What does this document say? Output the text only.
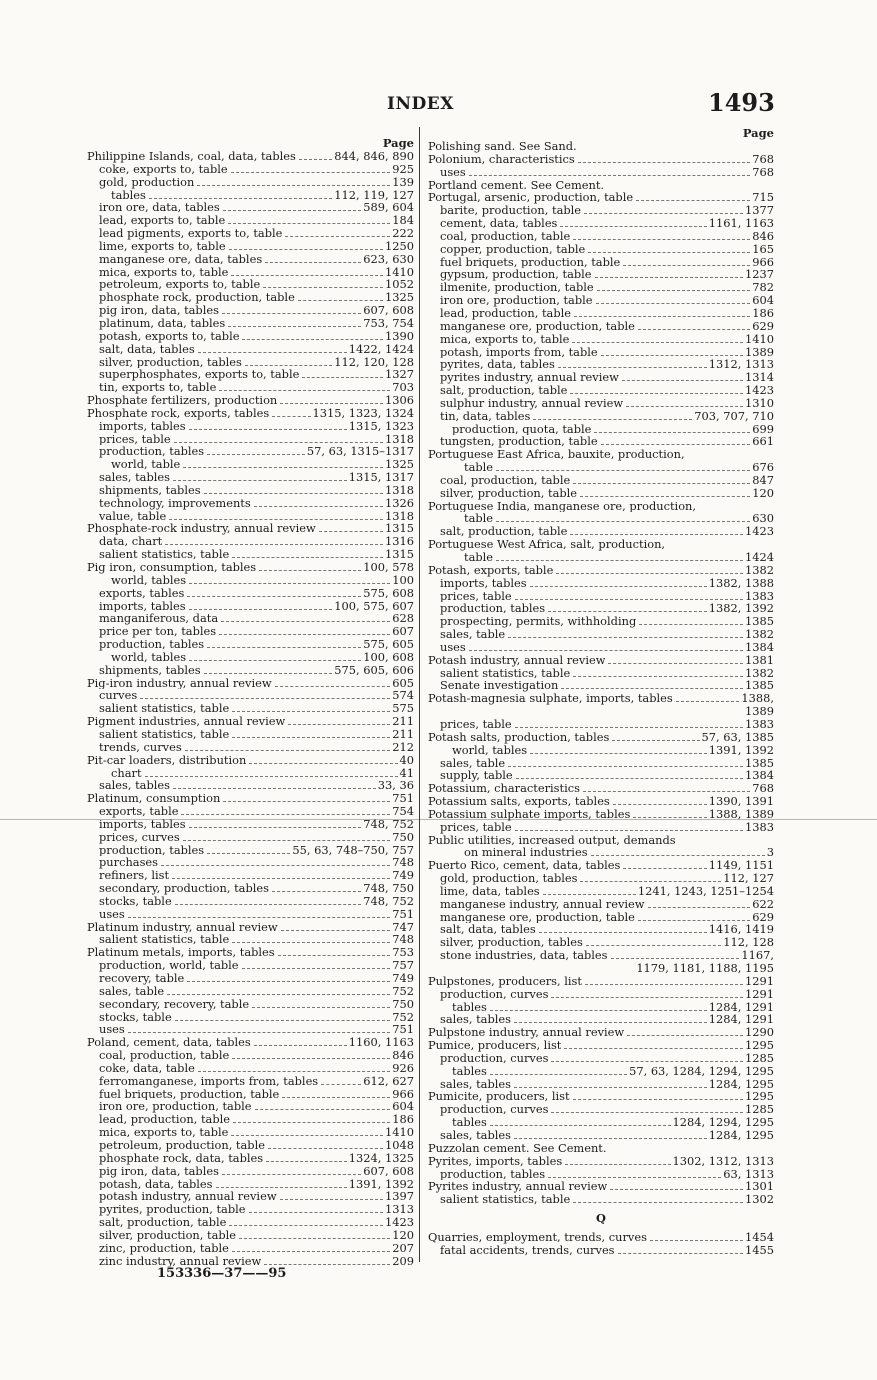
INDEX	1493
Page
Philippine Islands, coal, data, tables	844, 846, 890
coke, exports to, table	925
gold, production	139
tables	112, 119, 127
iron ore, data, tables	589, 604
lead, exports to, table	184
lead pigments, exports to, table	222
lime, exports to, table	1250
manganese ore, data, tables	623, 630
mica, exports to, table	1410
petroleum, exports to, table	1052
phosphate rock, production, table	1325
pig iron, data, tables	607, 608
platinum, data, tables	753, 754
potash, exports to, table	1390
salt, data, tables	1422, 1424
silver, production, tables	112, 120, 128
superphosphates, exports to, table	1327
tin, exports to, table	703
Phosphate fertilizers, production	1306
Phosphate rock, exports, tables	1315, 1323, 1324
imports, tables	1315, 1323
prices, table	1318
production, tables	57, 63, 1315–1317
world, table	1325
sales, tables	1315, 1317
shipments, tables	1318
technology, improvements	1326
value, table	1318
Phosphate-rock industry, annual review	1315
data, chart	1316
salient statistics, table	1315
Pig iron, consumption, tables	100, 578
world, tables	100
exports, tables	575, 608
imports, tables	100, 575, 607
manganiferous, data	628
price per ton, tables	607
production, tables	575, 605
world, tables	100, 608
shipments, tables	575, 605, 606
Pig-iron industry, annual review	605
curves	574
salient statistics, table	575
Pigment industries, annual review	211
salient statistics, table	211
trends, curves	212
Pit-car loaders, distribution	40
chart	41
sales, tables	33, 36
Platinum, consumption	751
exports, table	754
imports, tables	748, 752
prices, curves	750
production, tables	55, 63, 748–750, 757
purchases	748
refiners, list	749
secondary, production, tables	748, 750
stocks, table	748, 752
uses	751
Platinum industry, annual review	747
salient statistics, table	748
Platinum metals, imports, tables	753
production, world, table	757
recovery, table	749
sales, table	752
secondary, recovery, table	750
stocks, table	752
uses	751
Poland, cement, data, tables	1160, 1163
coal, production, table	846
coke, data, table	926
ferromanganese, imports from, tables	612, 627
fuel briquets, production, table	966
iron ore, production, table	604
lead, production, table	186
mica, exports to, table	1410
petroleum, production, table	1048
phosphate rock, data, tables	1324, 1325
pig iron, data, tables	607, 608
potash, data, tables	1391, 1392
potash industry, annual review	1397
pyrites, production, table	1313
salt, production, table	1423
silver, production, table	120
zinc, production, table	207
zinc industry, annual review	209
Page
Polishing sand. See Sand.
Polonium, characteristics	768
uses	768
Portland cement. See Cement.
Portugal, arsenic, production, table	715
barite, production, table	1377
cement, data, tables	1161, 1163
coal, production, table	846
copper, production, table	165
fuel briquets, production, table	966
gypsum, production, table	1237
ilmenite, production, table	782
iron ore, production, table	604
lead, production, table	186
manganese ore, production, table	629
mica, exports to, table	1410
potash, imports from, table	1389
pyrites, data, tables	1312, 1313
pyrites industry, annual review	1314
salt, production, table	1423
sulphur industry, annual review	1310
tin, data, tables	703, 707, 710
production, quota, table	699
tungsten, production, table	661
Portuguese East Africa, bauxite, production,
table	676
coal, production, table	847
silver, production, table	120
Portuguese India, manganese ore, production,
table	630
salt, production, table	1423
Portuguese West Africa, salt, production,
table	1424
Potash, exports, table	1382
imports, tables	1382, 1388
prices, table	1383
production, tables	1382, 1392
prospecting, permits, withholding	1385
sales, table	1382
uses	1384
Potash industry, annual review	1381
salient statistics, table	1382
Senate investigation	1385
Potash-magnesia sulphate, imports, tables	1388,
1389
prices, table	1383
Potash salts, production, tables	57, 63, 1385
world, tables	1391, 1392
sales, table	1385
supply, table	1384
Potassium, characteristics	768
Potassium salts, exports, tables	1390, 1391
Potassium sulphate imports, tables	1388, 1389
prices, table	1383
Public utilities, increased output, demands
on mineral industries	3
Puerto Rico, cement, data, tables	1149, 1151
gold, production, tables	112, 127
lime, data, tables	1241, 1243, 1251–1254
manganese industry, annual review	622
manganese ore, production, table	629
salt, data, tables	1416, 1419
silver, production, tables	112, 128
stone industries, data, tables	1167,
1179, 1181, 1188, 1195
Pulpstones, producers, list	1291
production, curves	1291
tables	1284, 1291
sales, tables	1284, 1291
Pulpstone industry, annual review	1290
Pumice, producers, list	1295
production, curves	1285
tables	57, 63, 1284, 1294, 1295
sales, tables	1284, 1295
Pumicite, producers, list	1295
production, curves	1285
tables	1284, 1294, 1295
sales, tables	1284, 1295
Puzzolan cement. See Cement.
Pyrites, imports, tables	1302, 1312, 1313
production, tables	63, 1313
Pyrites industry, annual review	1301
salient statistics, table	1302
Q
Quarries, employment, trends, curves	1454
fatal accidents, trends, curves	1455
153336—37——95
